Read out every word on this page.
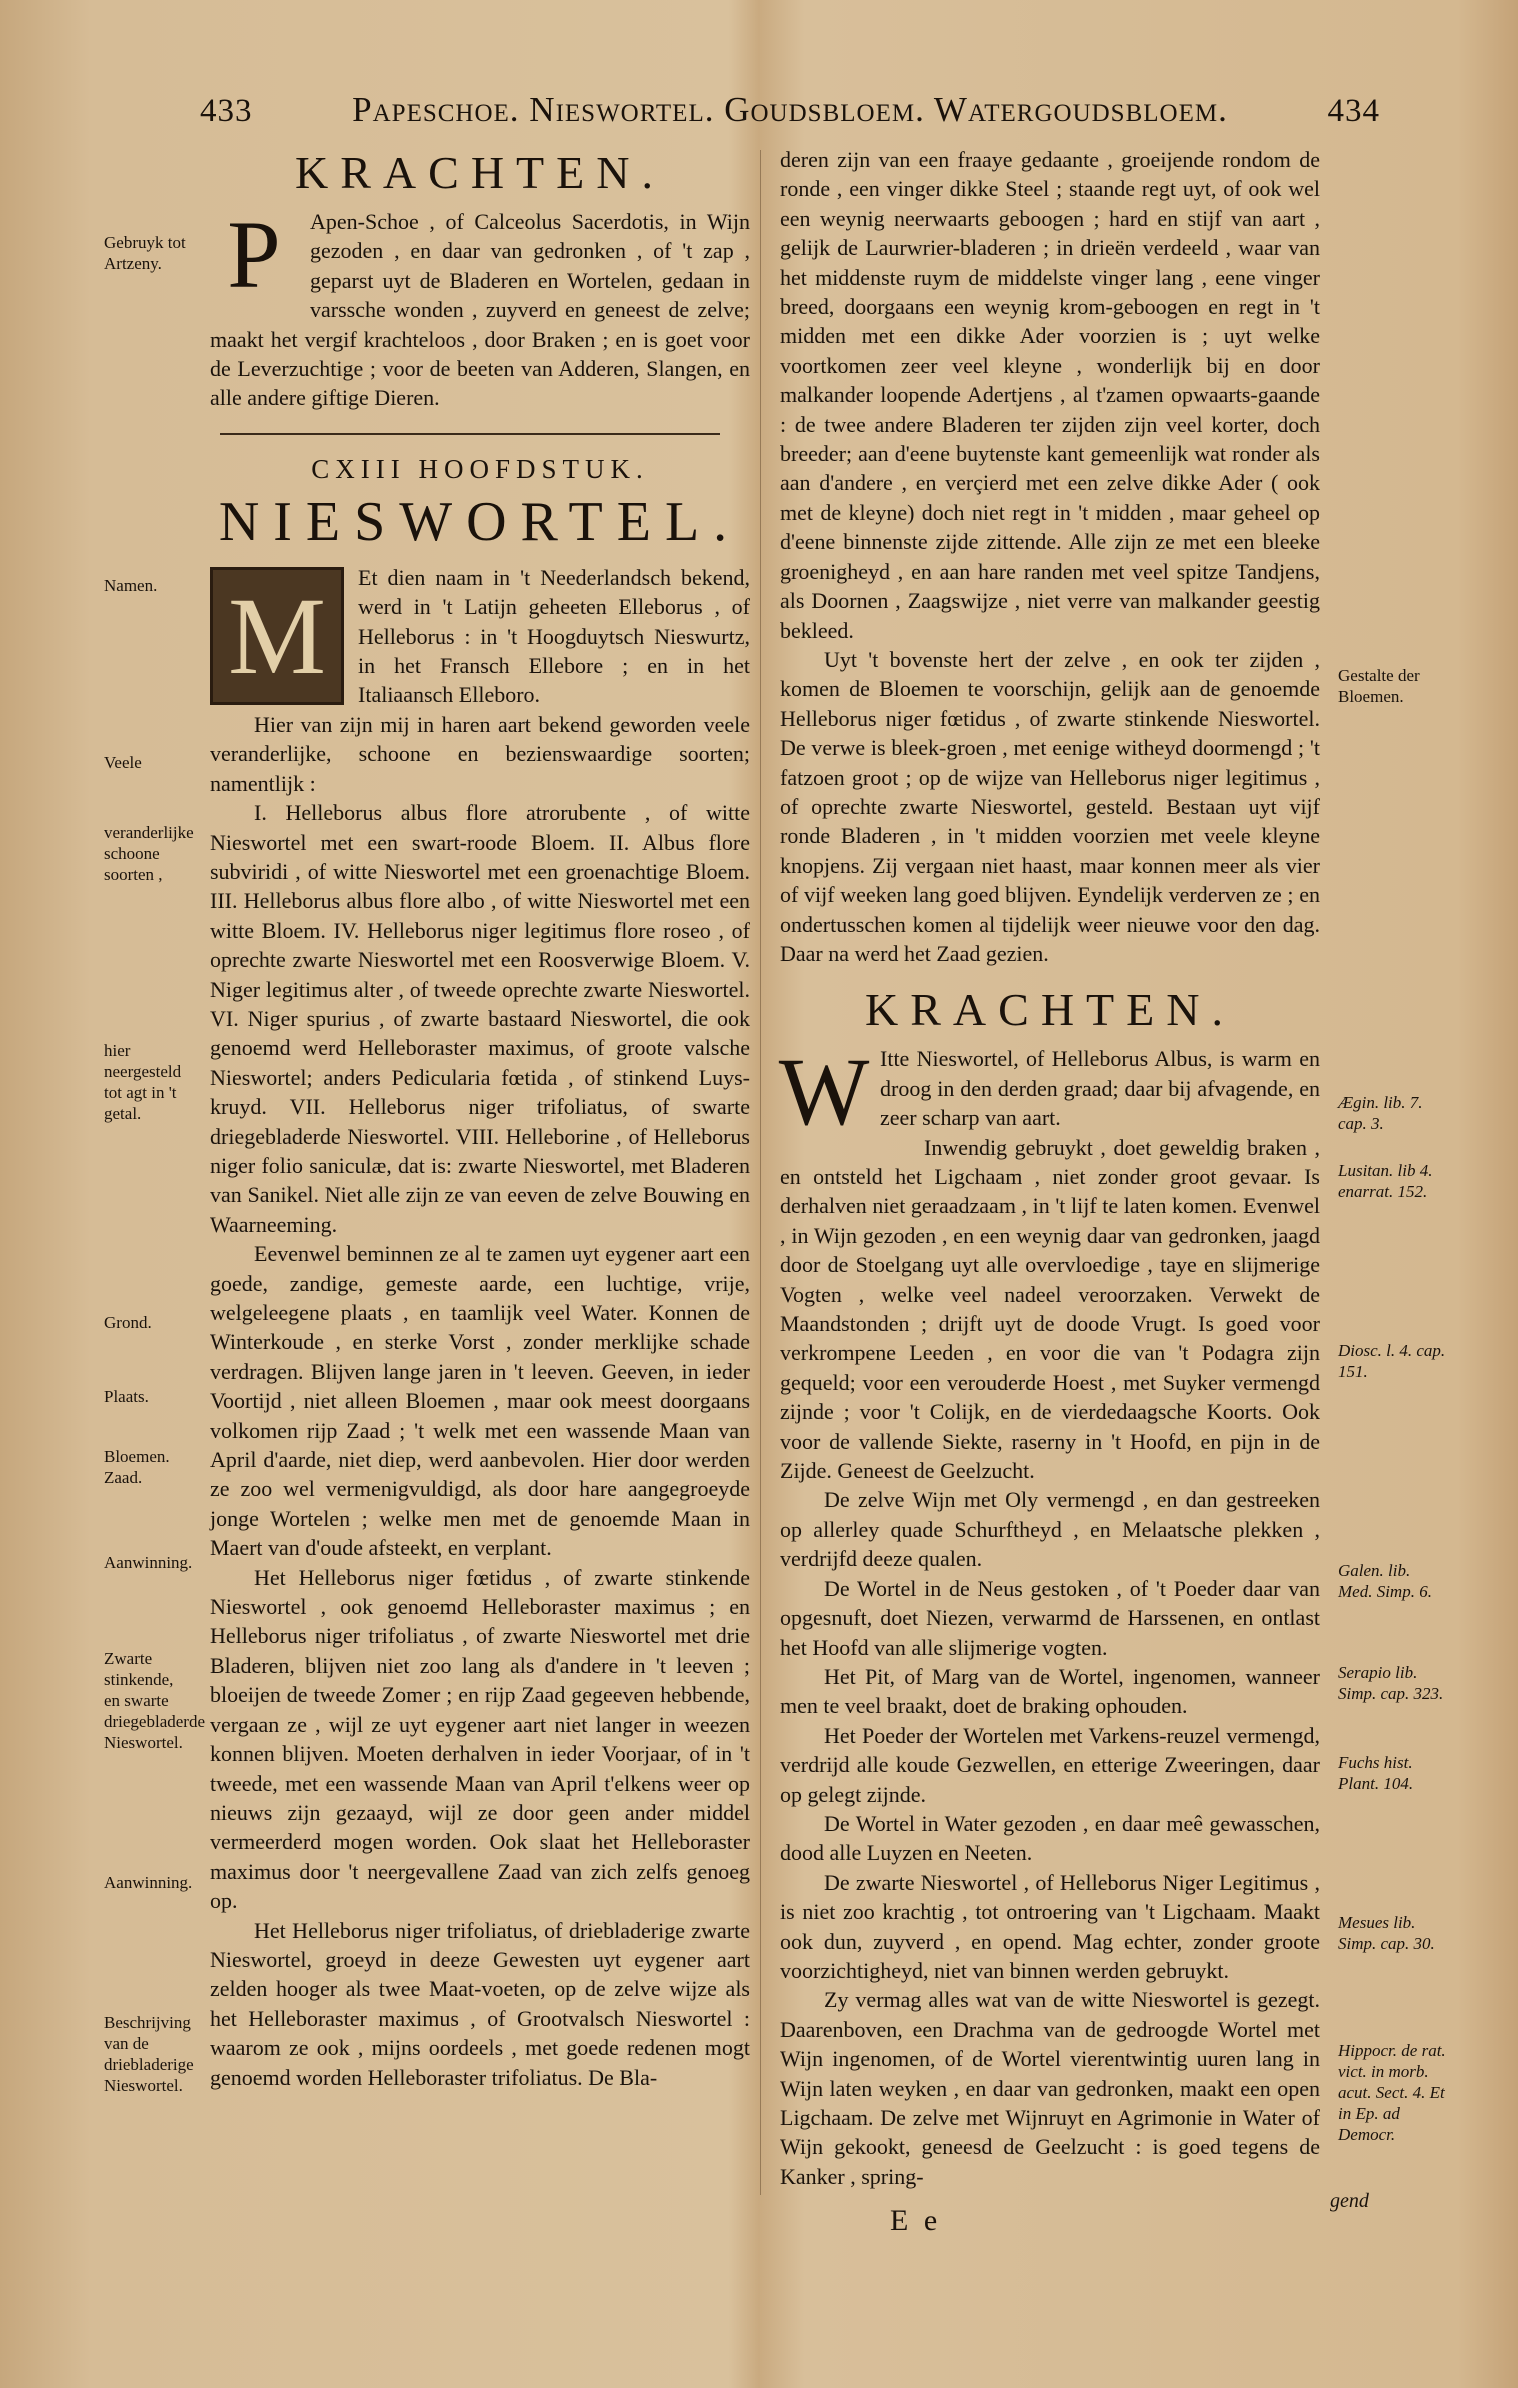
433	Papeschoe. Nieswortel. Goudsbloem. Watergoudsbloem.	434

KRACHTEN.

P	Apen-Schoe , of Calceolus Sacerdotis, in Wijn gezoden , en daar van gedronken , of 't zap , geparst uyt de Bladeren en Wortelen, gedaan in varssche wonden , zuyverd en geneest de zelve; maakt het vergif krachteloos , door Braken ; en is goet voor de Leverzuchtige ; voor de beeten van Adderen, Slangen, en alle andere giftige Dieren.

CXIII HOOFDSTUK.

NIESWORTEL.

M	Et dien naam in 't Neederlandsch bekend, werd in 't Latijn geheeten Elleborus , of Helleborus : in 't Hoogduytsch Nieswurtz, in het Fransch Ellebore ; en in het Italiaansch Elleboro.

Hier van zijn mij in haren aart bekend geworden veele veranderlijke, schoone en bezienswaardige soorten; namentlijk :

I. Helleborus albus flore atrorubente , of witte Nieswortel met een swart-roode Bloem. II. Albus flore subviridi , of witte Nieswortel met een groenachtige Bloem. III. Helleborus albus flore albo , of witte Nieswortel met een witte Bloem. IV. Helleborus niger legitimus flore roseo , of oprechte zwarte Nieswortel met een Roosverwige Bloem. V. Niger legitimus alter , of tweede oprechte zwarte Nieswortel. VI. Niger spurius , of zwarte bastaard Nieswortel, die ook genoemd werd Helleboraster maximus, of groote valsche Nieswortel; anders Pedicularia fœtida , of stinkend Luys-kruyd. VII. Helleborus niger trifoliatus, of swarte driegebladerde Nieswortel. VIII. Helleborine , of Helleborus niger folio saniculæ, dat is: zwarte Nieswortel, met Bladeren van Sanikel. Niet alle zijn ze van eeven de zelve Bouwing en Waarneeming.

Eevenwel beminnen ze al te zamen uyt eygener aart een goede, zandige, gemeste aarde, een luchtige, vrije, welgeleegene plaats , en taamlijk veel Water. Konnen de Winterkoude , en sterke Vorst , zonder merklijke schade verdragen. Blijven lange jaren in 't leeven. Geeven, in ieder Voortijd , niet alleen Bloemen , maar ook meest doorgaans volkomen rijp Zaad ; 't welk met een wassende Maan van April d'aarde, niet diep, werd aanbevolen. Hier door werden ze zoo wel vermenigvuldigd, als door hare aangegroeyde jonge Wortelen ; welke men met de genoemde Maan in Maert van d'oude afsteekt, en verplant.

Het Helleborus niger fœtidus , of zwarte stinkende Nieswortel , ook genoemd Helleboraster maximus ; en Helleborus niger trifoliatus , of zwarte Nieswortel met drie Bladeren, blijven niet zoo lang als d'andere in 't leeven ; bloeijen de tweede Zomer ; en rijp Zaad gegeeven hebbende, vergaan ze , wijl ze uyt eygener aart niet langer in weezen konnen blijven. Moeten derhalven in ieder Voorjaar, of in 't tweede, met een wassende Maan van April t'elkens weer op nieuws zijn gezaayd, wijl ze door geen ander middel vermeerderd mogen worden. Ook slaat het Helleboraster maximus door 't neergevallene Zaad van zich zelfs genoeg op.

Het Helleborus niger trifoliatus, of driebladerige zwarte Nieswortel, groeyd in deeze Gewesten uyt eygener aart zelden hooger als twee Maat-voeten, op de zelve wijze als het Helleboraster maximus , of Grootvalsch Nieswortel : waarom ze ook , mijns oordeels , met goede redenen mogt genoemd worden Helleboraster trifoliatus. De Bla-

Gebruyk tot Artzeny.
Namen.
Veele
veranderlijke schoone soorten ,
hier neergesteld tot agt in 't getal.
Grond.
Plaats.
Bloemen. Zaad.
Aanwinning.
Zwarte stinkende, en swarte driegebladerde Nieswortel.
Aanwinning.
Beschrijving van de driebladerige Nieswortel.

deren zijn van een fraaye gedaante , groeijende rondom de ronde , een vinger dikke Steel ; staande regt uyt, of ook wel een weynig neerwaarts geboogen ; hard en stijf van aart , gelijk de Laurwrier-bladeren ; in drieën verdeeld , waar van het middenste ruym de middelste vinger lang , eene vinger breed, doorgaans een weynig krom-geboogen en regt in 't midden met een dikke Ader voorzien is ; uyt welke voortkomen zeer veel kleyne , wonderlijk bij en door malkander loopende Adertjens , al t'zamen opwaarts-gaande : de twee andere Bladeren ter zijden zijn veel korter, doch breeder; aan d'eene buytenste kant gemeenlijk wat ronder als aan d'andere , en verçierd met een zelve dikke Ader ( ook met de kleyne) doch niet regt in 't midden , maar geheel op d'eene binnenste zijde zittende. Alle zijn ze met een bleeke groenigheyd , en aan hare randen met veel spitze Tandjens, als Doornen , Zaagswijze , niet verre van malkander geestig bekleed.

Uyt 't bovenste hert der zelve , en ook ter zijden , komen de Bloemen te voorschijn, gelijk aan de genoemde Helleborus niger fœtidus , of zwarte stinkende Nieswortel. De verwe is bleek-groen , met eenige witheyd doormengd ; 't fatzoen groot ; op de wijze van Helleborus niger legitimus , of oprechte zwarte Nieswortel, gesteld. Bestaan uyt vijf ronde Bladeren , in 't midden voorzien met veele kleyne knopjens. Zij vergaan niet haast, maar konnen meer als vier of vijf weeken lang goed blijven. Eyndelijk verderven ze ; en ondertusschen komen al tijdelijk weer nieuwe voor den dag. Daar na werd het Zaad gezien.

KRACHTEN.

W Itte Nieswortel, of Helleborus Albus, is warm en droog in den derden graad; daar bij afvagende, en zeer scharp van aart.

Inwendig gebruykt , doet geweldig braken , en ontsteld het Ligchaam , niet zonder groot gevaar. Is derhalven niet geraadzaam , in 't lijf te laten komen. Evenwel , in Wijn gezoden , en een weynig daar van gedronken, jaagd door de Stoelgang uyt alle overvloedige , taye en slijmerige Vogten , welke veel nadeel veroorzaken. Verwekt de Maandstonden ; drijft uyt de doode Vrugt. Is goed voor verkrompene Leeden , en voor die van 't Podagra zijn gequeld; voor een verouderde Hoest , met Suyker vermengd zijnde ; voor 't Colijk, en de vierdedaagsche Koorts. Ook voor de vallende Siekte, raserny in 't Hoofd, en pijn in de Zijde. Geneest de Geelzucht.

De zelve Wijn met Oly vermengd , en dan gestreeken op allerley quade Schurftheyd , en Melaatsche plekken , verdrijfd deeze qualen.

De Wortel in de Neus gestoken , of 't Poeder daar van opgesnuft, doet Niezen, verwarmd de Harssenen, en ontlast het Hoofd van alle slijmerige vogten.

Het Pit, of Marg van de Wortel, ingenomen, wanneer men te veel braakt, doet de braking ophouden.

Het Poeder der Wortelen met Varkens-reuzel vermengd, verdrijd alle koude Gezwellen, en etterige Zweeringen, daar op gelegt zijnde.

De Wortel in Water gezoden , en daar meê gewasschen, dood alle Luyzen en Neeten.

De zwarte Nieswortel , of Helleborus Niger Legitimus , is niet zoo krachtig , tot ontroering van 't Ligchaam. Maakt ook dun, zuyverd , en opend. Mag echter, zonder groote voorzichtigheyd, niet van binnen werden gebruykt.

Zy vermag alles wat van de witte Nieswortel is gezegt. Daarenboven, een Drachma van de gedroogde Wortel met Wijn ingenomen, of de Wortel vierentwintig uuren lang in Wijn laten weyken , en daar van gedronken, maakt een open Ligchaam. De zelve met Wijnruyt en Agrimonie in Water of Wijn gekookt, geneesd de Geelzucht : is goed tegens de Kanker , spring-

Gestalte der Bloemen.
Ægin. lib. 7. cap. 3.
Lusitan. lib 4. enarrat. 152.
Diosc. l. 4. cap. 151.
Galen. lib. Med. Simp. 6.
Serapio lib. Simp. cap. 323.
Fuchs hist. Plant. 104.
Mesues lib. Simp. cap. 30.
Hippocr. de rat. vict. in morb. acut. Sect. 4. Et in Ep. ad Democr.
E e
gend
